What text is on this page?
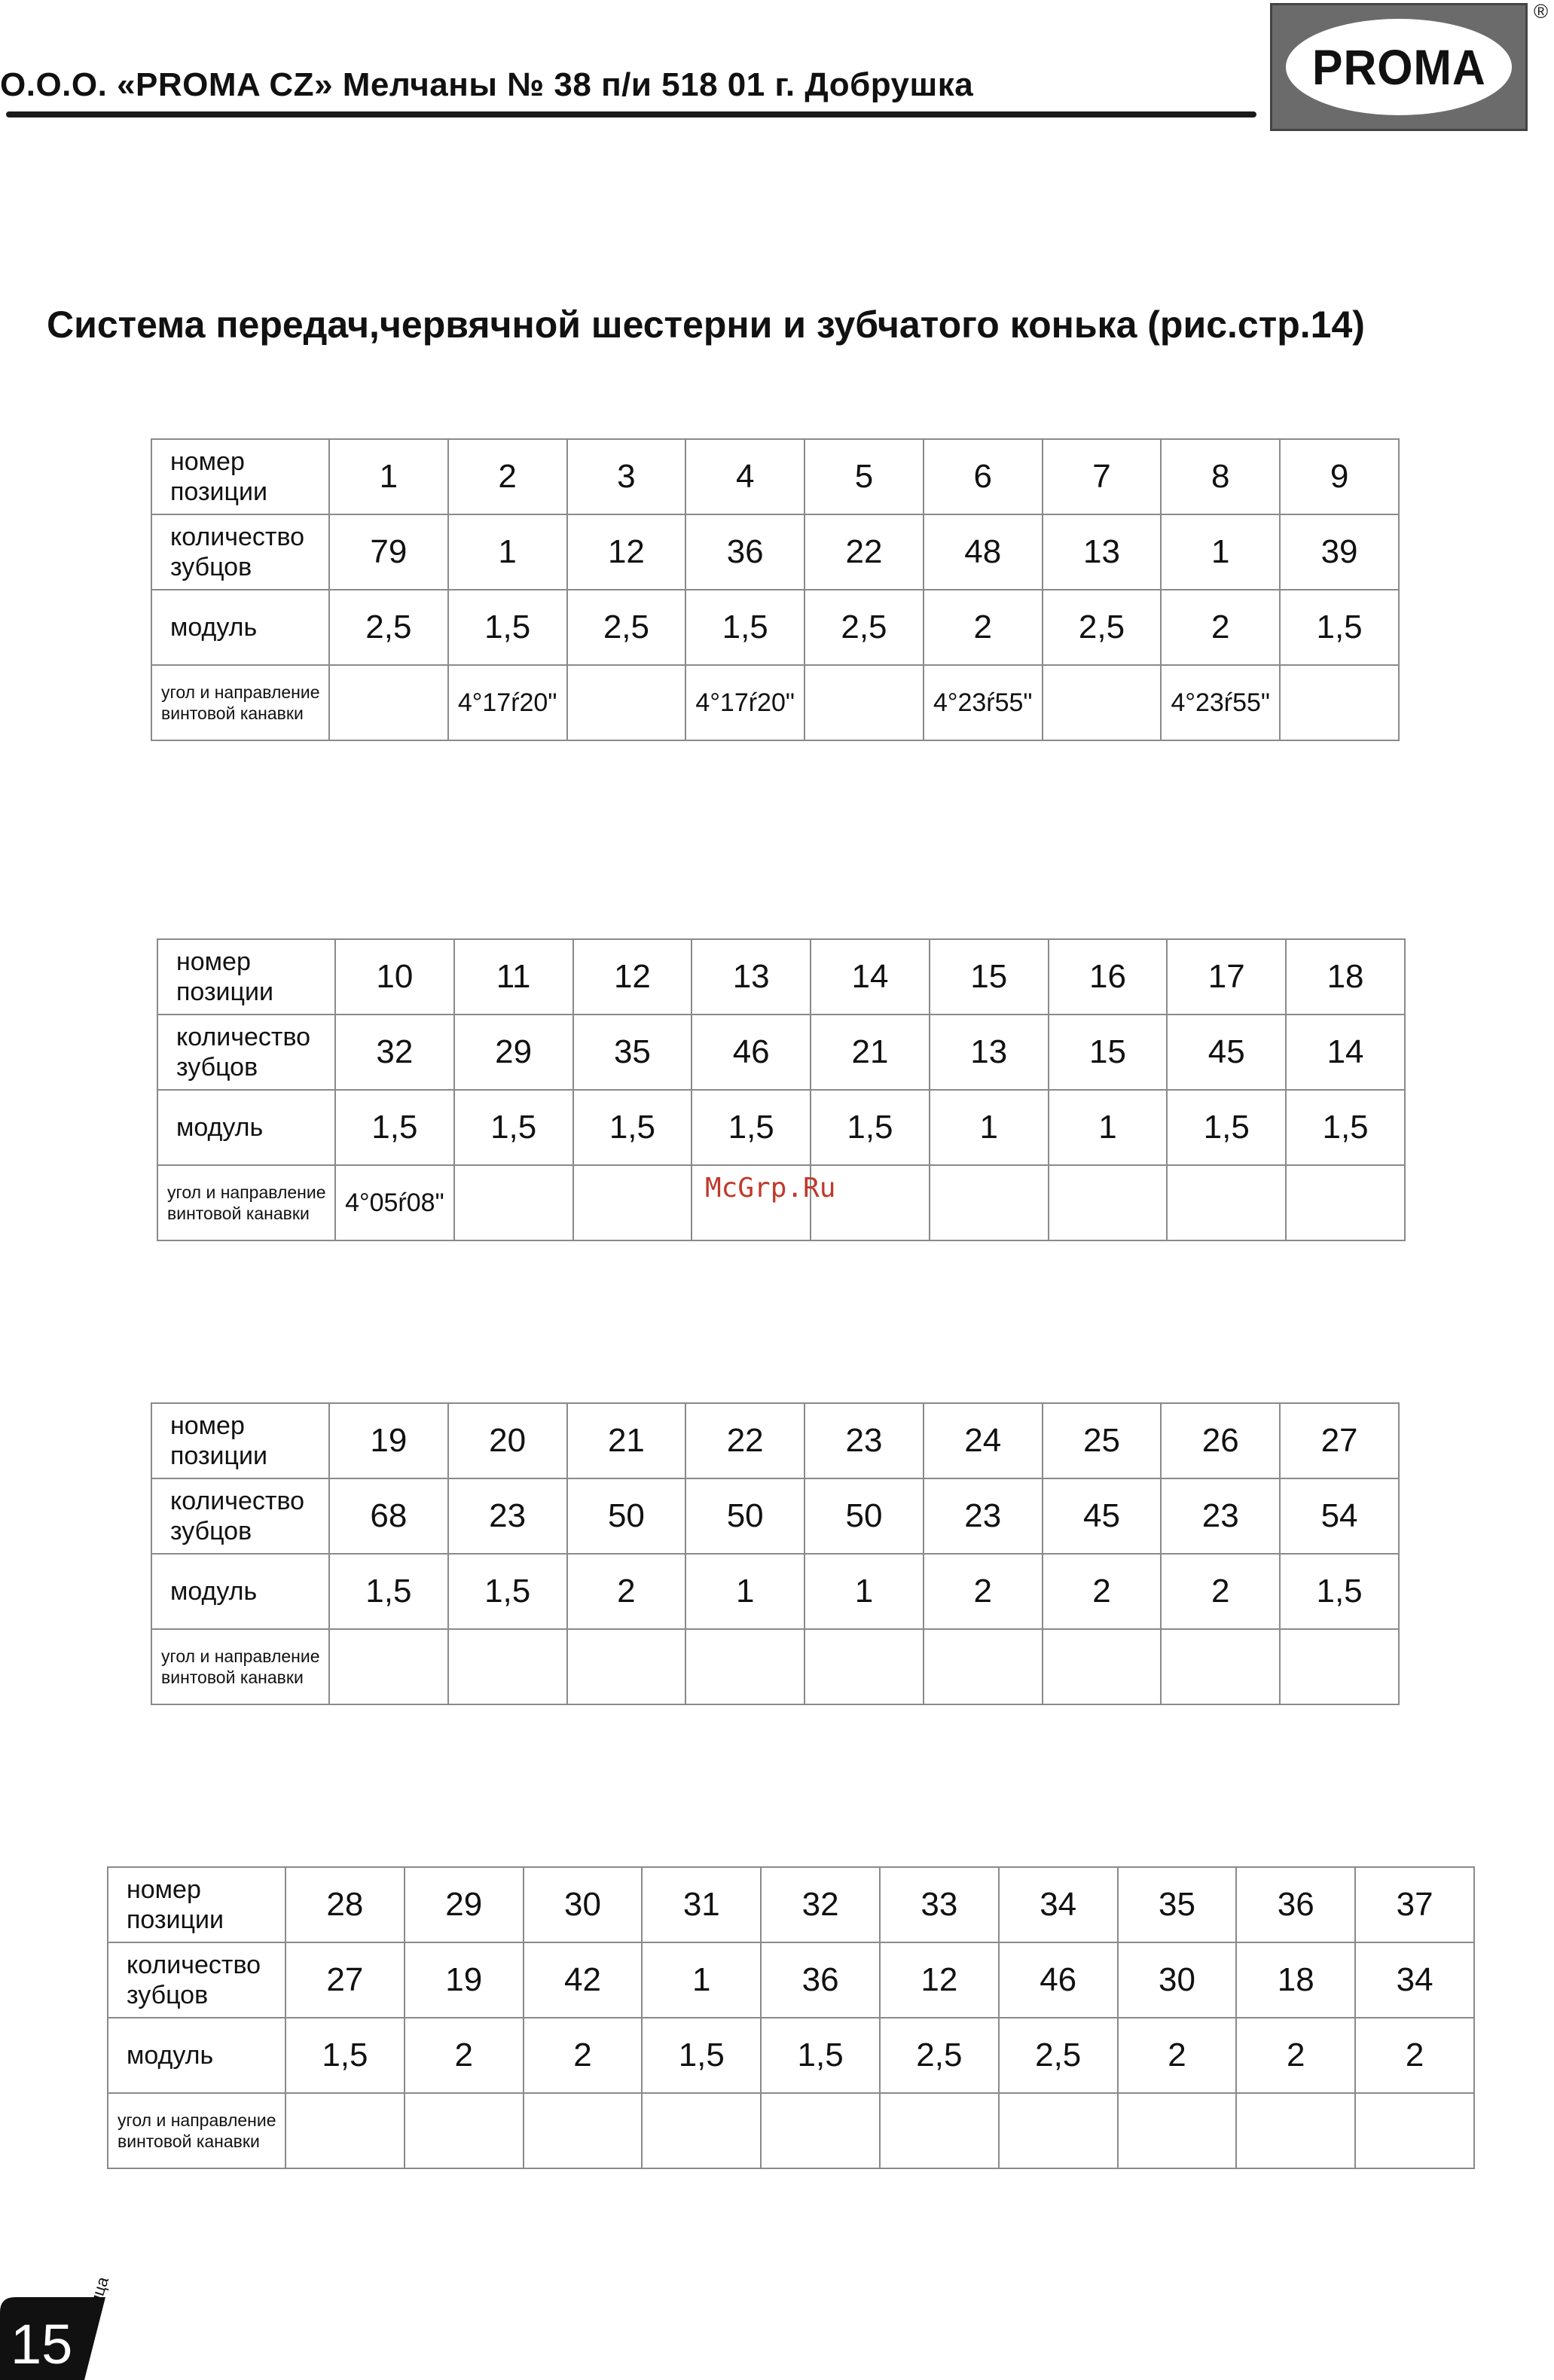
О.О.О. «PROMA CZ» Мелчаны № 38 п/и 518 01 г. Добрушка	PROMA
®
Система передач,червячной шестерни и зубчатого конька (рис.стр.14)
номер позиции	1	2	3	4	5	6	7	8	9
количество зубцов	79	1	12	36	22	48	13	1	39
модуль	2,5	1,5	2,5	1,5	2,5	2	2,5	2	1,5
угол и направление винтовой канавки		4°17ŕ20"		4°17ŕ20"		4°23ŕ55"		4°23ŕ55"	
номер позиции	10	11	12	13	14	15	16	17	18
количество зубцов	32	29	35	46	21	13	15	45	14
модуль	1,5	1,5	1,5	1,5	1,5	1	1	1,5	1,5
угол и направление винтовой канавки	4°05ŕ08"								
номер позиции	19	20	21	22	23	24	25	26	27
количество зубцов	68	23	50	50	50	23	45	23	54
модуль	1,5	1,5	2	1	1	2	2	2	1,5
угол и направление винтовой канавки									
номер позиции	28	29	30	31	32	33	34	35	36	37
количество зубцов	27	19	42	1	36	12	46	30	18	34
модуль	1,5	2	2	1,5	1,5	2,5	2,5	2	2	2
угол и направление винтовой канавки										
McGrp.Ru
15 страница
